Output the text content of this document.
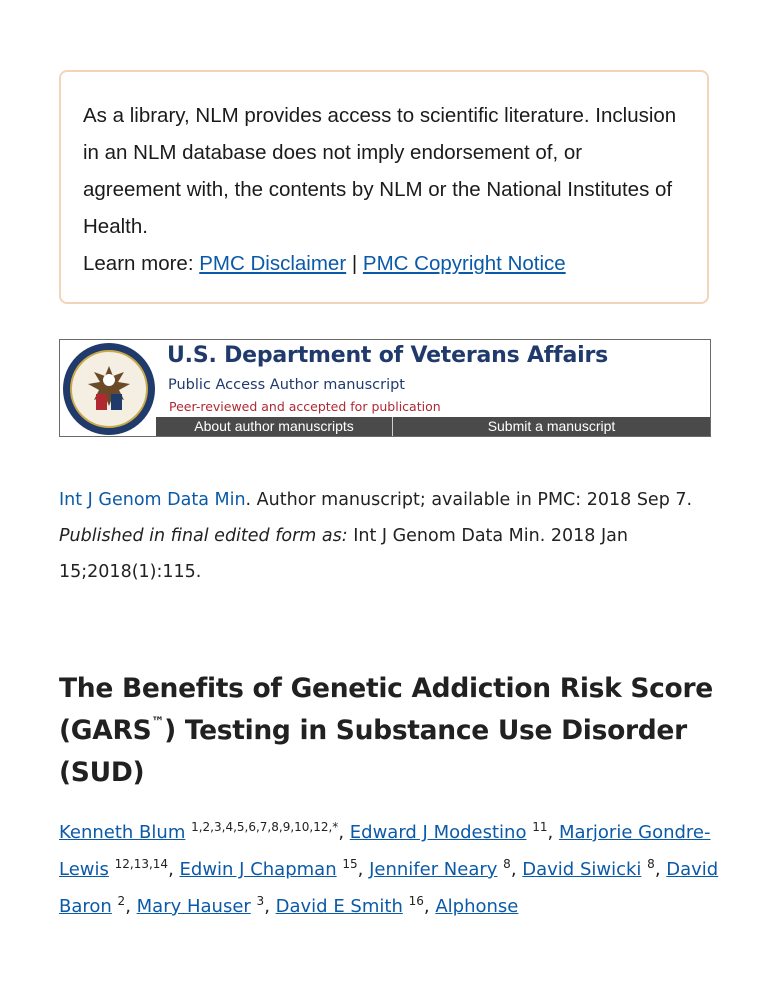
As a library, NLM provides access to scientific literature. Inclusion in an NLM database does not imply endorsement of, or agreement with, the contents by NLM or the National Institutes of Health.

Learn more: PMC Disclaimer | PMC Copyright Notice

U.S. Department of Veterans Affairs
Public Access Author manuscript
Peer-reviewed and accepted for publication
About author manuscripts	Submit a manuscript
Int J Genom Data Min. Author manuscript; available in PMC: 2018 Sep 7.
Published in final edited form as: Int J Genom Data Min. 2018 Jan 15;2018(1):115.
The Benefits of Genetic Addiction Risk Score (GARS™) Testing in Substance Use Disorder (SUD)
Kenneth Blum $^{1,2,3,4,5,6,7,8,9,10,12,*}$, Edward J Modestino $^{11}$, Marjorie Gondre-Lewis $^{12,13,14}$, Edwin J Chapman $^{15}$, Jennifer Neary $^8$, David Siwicki $^8$, David Baron $^2$, Mary Hauser $^3$, David E Smith $^{16}$, Alphonse
